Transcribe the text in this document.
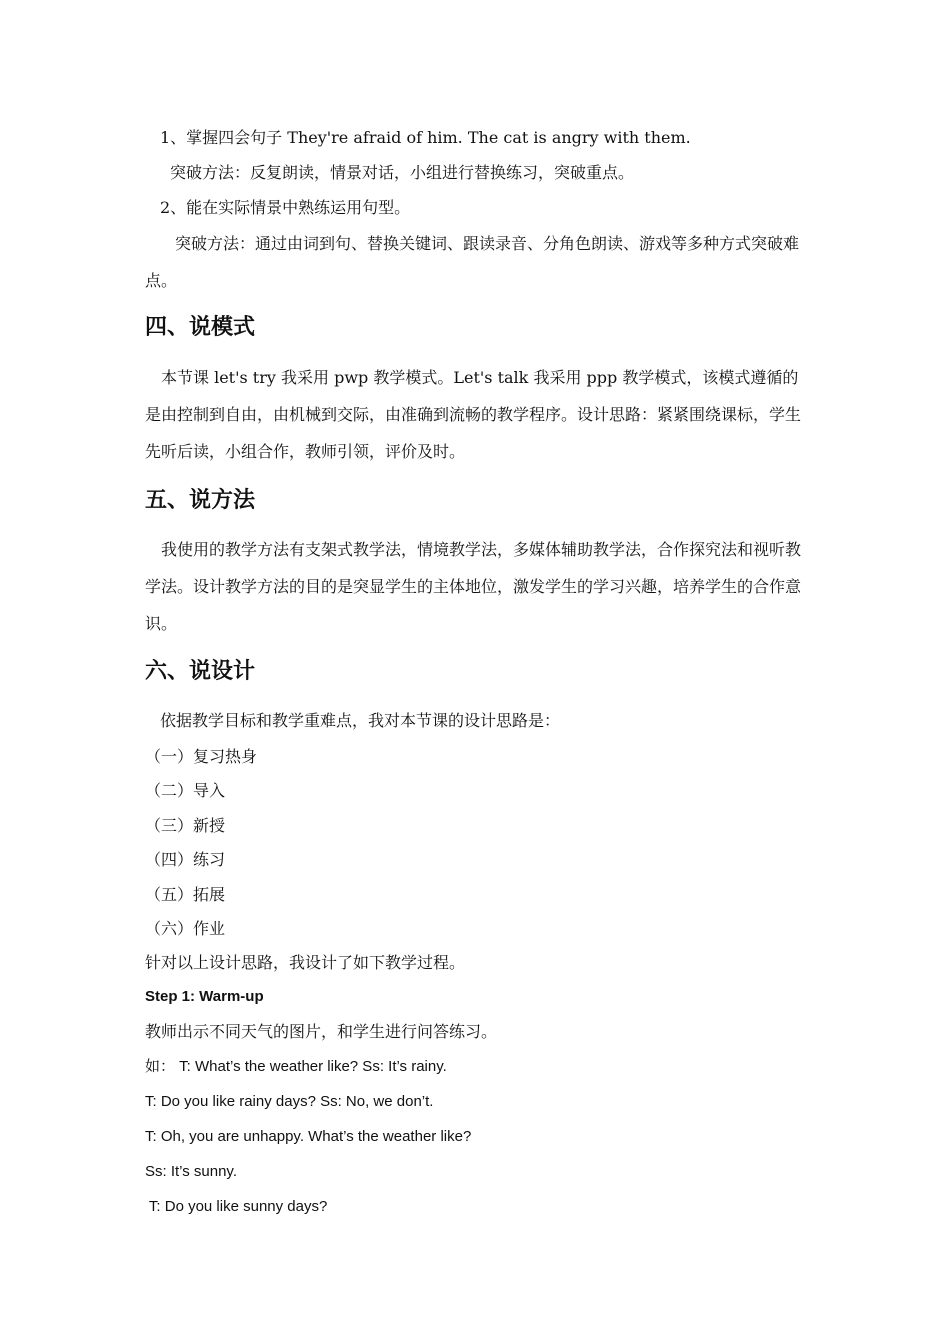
1、掌握四会句子 They're afraid of him. The cat is angry with them.
突破方法：反复朗读，情景对话，小组进行替换练习，突破重点。
2、能在实际情景中熟练运用句型。
突破方法：通过由词到句、替换关键词、跟读录音、分角色朗读、游戏等多种方式突破难点。
四、说模式
本节课 let's try 我采用 pwp 教学模式。Let's talk 我采用 ppp 教学模式，该模式遵循的是由控制到自由，由机械到交际，由准确到流畅的教学程序。设计思路：紧紧围绕课标，学生先听后读，小组合作，教师引领，评价及时。
五、说方法
我使用的教学方法有支架式教学法，情境教学法，多媒体辅助教学法，合作探究法和视听教学法。设计教学方法的目的是突显学生的主体地位，激发学生的学习兴趣，培养学生的合作意识。
六、说设计
依据教学目标和教学重难点，我对本节课的设计思路是：
（一）复习热身
（二）导入
（三）新授
（四）练习
（五）拓展
（六）作业
针对以上设计思路，我设计了如下教学过程。
Step 1: Warm-up
教师出示不同天气的图片，和学生进行问答练习。
如： T: What’s the weather like? Ss: It’s rainy.
T: Do you like rainy days? Ss: No, we don’t.
T: Oh, you are unhappy. What’s the weather like?
Ss: It’s sunny.
T: Do you like sunny days?
